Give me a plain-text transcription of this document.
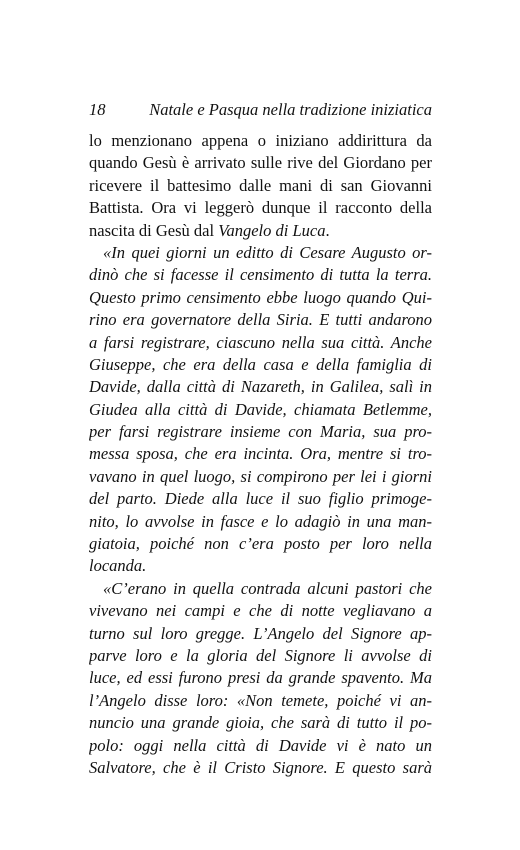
18	Natale e Pasqua nella tradizione iniziatica
lo menzionano appena o iniziano addirittura da
quando Gesù è arrivato sulle rive del Giordano per
ricevere il battesimo dalle mani di san Giovanni
Battista. Ora vi leggerò dunque il racconto della
nascita di Gesù dal Vangelo di Luca.
«In quei giorni un editto di Cesare Augusto or-
dinò che si facesse il censimento di tutta la terra.
Questo primo censimento ebbe luogo quando Qui-
rino era governatore della Siria. E tutti andarono
a farsi registrare, ciascuno nella sua città. Anche
Giuseppe, che era della casa e della famiglia di
Davide, dalla città di Nazareth, in Galilea, salì in
Giudea alla città di Davide, chiamata Betlemme,
per farsi registrare insieme con Maria, sua pro-
messa sposa, che era incinta. Ora, mentre si tro-
vavano in quel luogo, si compirono per lei i giorni
del parto. Diede alla luce il suo figlio primoge-
nito, lo avvolse in fasce e lo adagiò in una man-
giatoia, poiché non c’era posto per loro nella
locanda.
«C’erano in quella contrada alcuni pastori che
vivevano nei campi e che di notte vegliavano a
turno sul loro gregge. L’Angelo del Signore ap-
parve loro e la gloria del Signore li avvolse di
luce, ed essi furono presi da grande spavento. Ma
l’Angelo disse loro: «Non temete, poiché vi an-
nuncio una grande gioia, che sarà di tutto il po-
polo: oggi nella città di Davide vi è nato un
Salvatore, che è il Cristo Signore. E questo sarà
